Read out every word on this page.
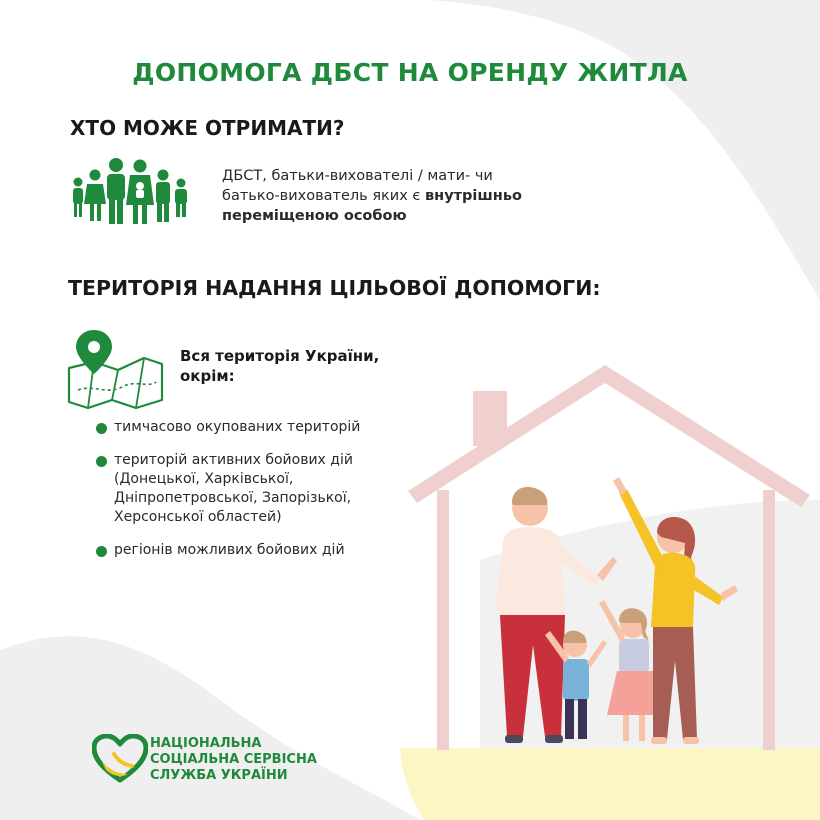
ДОПОМОГА ДБСТ НА ОРЕНДУ ЖИТЛА
ХТО МОЖЕ ОТРИМАТИ?
ДБСТ, батьки-вихователі / мати- чи
батько-вихователь яких є внутрішньо
переміщеною особою
ТЕРИТОРІЯ НАДАННЯ ЦІЛЬОВОЇ ДОПОМОГИ:
Вся територія України,
окрім:
тимчасово окупованих територій
територій активних бойових дій
(Донецької, Харківської,
Дніпропетровської, Запорізької,
Херсонської областей)
регіонів можливих бойових дій
НАЦІОНАЛЬНА
СОЦІАЛЬНА СЕРВІСНА
СЛУЖБА УКРАЇНИ
